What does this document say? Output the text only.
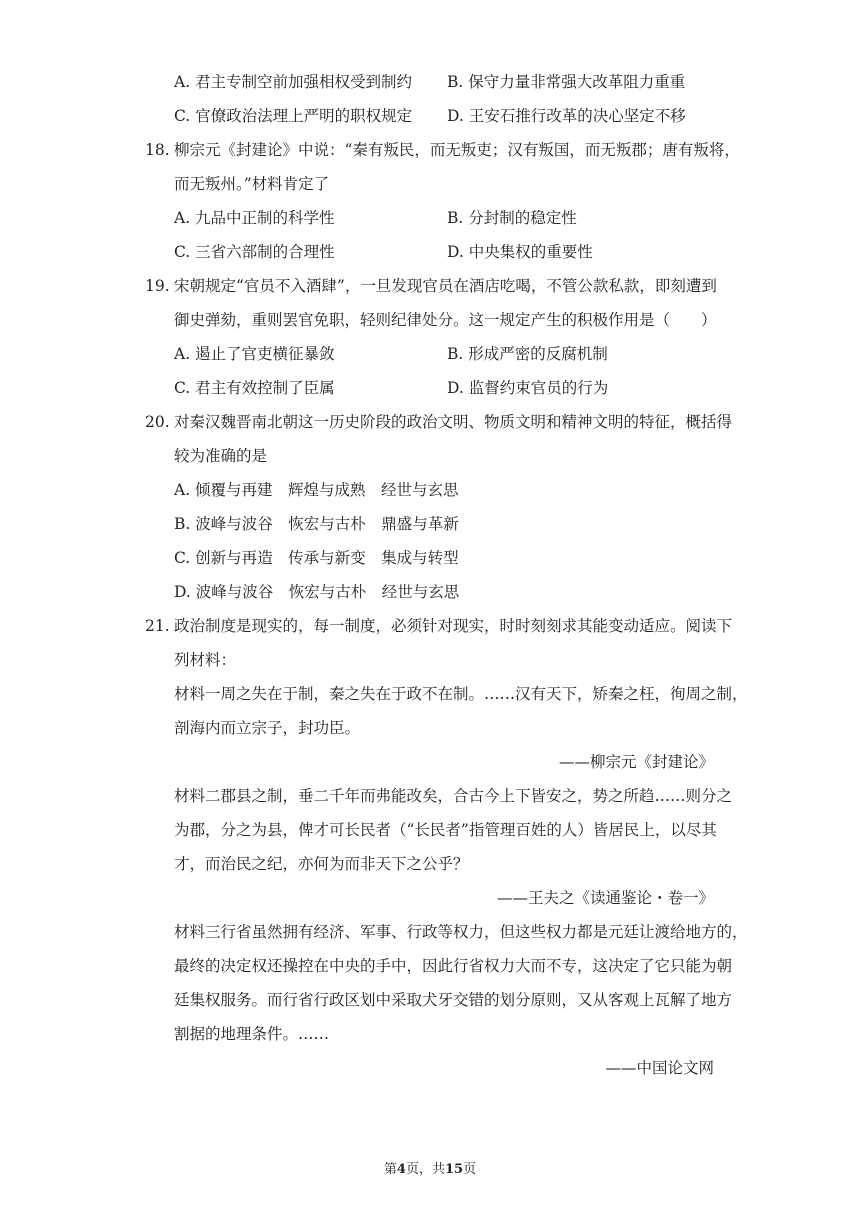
A. 君主专制空前加强相权受到制约 B. 保守力量非常强大改革阻力重重
C. 官僚政治法理上严明的职权规定 D. 王安石推行改革的决心坚定不移
18. 柳宗元《封建论》中说：“秦有叛民，而无叛吏；汉有叛国，而无叛郡；唐有叛将，
而无叛州。”材料肯定了
A. 九品中正制的科学性	B. 分封制的稳定性
C. 三省六部制的合理性	D. 中央集权的重要性
19. 宋朝规定“官员不入酒肆”，一旦发现官员在酒店吃喝，不管公款私款，即刻遭到
御史弹劾，重则罢官免职，轻则纪律处分。这一规定产生的积极作用是（　　）
A. 遏止了官吏横征暴敛	B. 形成严密的反腐机制
C. 君主有效控制了臣属	D. 监督约束官员的行为
20. 对秦汉魏晋南北朝这一历史阶段的政治文明、物质文明和精神文明的特征，概括得
较为准确的是
A. 倾覆与再建　辉煌与成熟　经世与玄思
B. 波峰与波谷　恢宏与古朴　鼎盛与革新
C. 创新与再造　传承与新变　集成与转型
D. 波峰与波谷　恢宏与古朴　经世与玄思
21. 政治制度是现实的，每一制度，必须针对现实，时时刻刻求其能变动适应。阅读下
列材料：
材料一周之失在于制，秦之失在于政不在制。……汉有天下，矫秦之枉，徇周之制，
剖海内而立宗子，封功臣。
——柳宗元《封建论》
材料二郡县之制，垂二千年而弗能改矣，合古今上下皆安之，势之所趋……则分之
为郡，分之为县，俾才可长民者（“长民者”指管理百姓的人）皆居民上，以尽其
才，而治民之纪，亦何为而非天下之公乎？
——王夫之《读通鉴论・卷一》
材料三行省虽然拥有经济、军事、行政等权力，但这些权力都是元廷让渡给地方的，
最终的决定权还操控在中央的手中，因此行省权力大而不专，这决定了它只能为朝
廷集权服务。而行省行政区划中采取犬牙交错的划分原则，又从客观上瓦解了地方
割据的地理条件。……
——中国论文网
第4页，共15页
